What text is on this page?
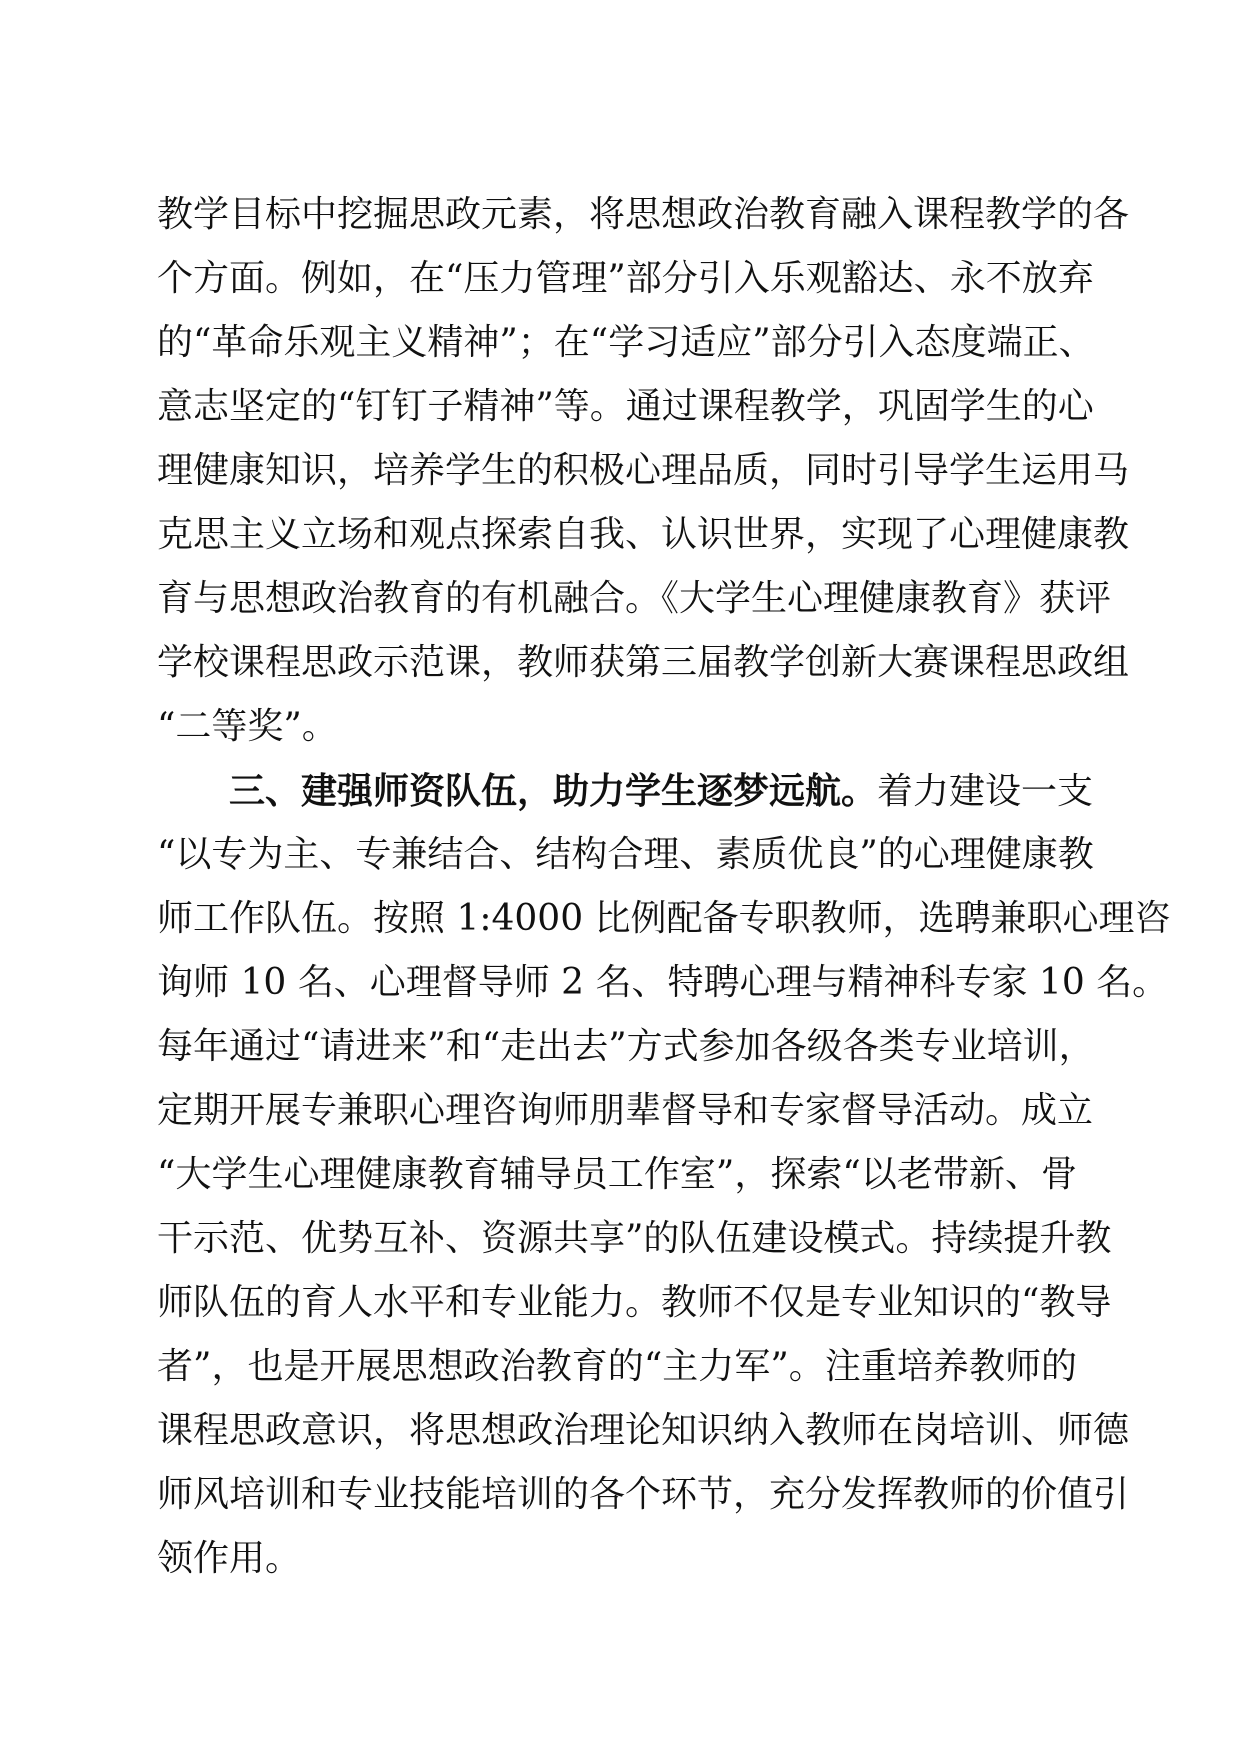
教学目标中挖掘思政元素，将思想政治教育融入课程教学的各
个方面。例如，在“压力管理”部分引入乐观豁达、永不放弃
的“革命乐观主义精神”；在“学习适应”部分引入态度端正、
意志坚定的“钉钉子精神”等。通过课程教学，巩固学生的心
理健康知识，培养学生的积极心理品质，同时引导学生运用马
克思主义立场和观点探索自我、认识世界，实现了心理健康教
育与思想政治教育的有机融合。《大学生心理健康教育》获评
学校课程思政示范课，教师获第三届教学创新大赛课程思政组
“二等奖”。
三、建强师资队伍，助力学生逐梦远航。着力建设一支
“以专为主、专兼结合、结构合理、素质优良”的心理健康教
师工作队伍。按照 1:4000 比例配备专职教师，选聘兼职心理咨
询师 10 名、心理督导师 2 名、特聘心理与精神科专家 10 名。
每年通过“请进来”和“走出去”方式参加各级各类专业培训，
定期开展专兼职心理咨询师朋辈督导和专家督导活动。成立
“大学生心理健康教育辅导员工作室”，探索“以老带新、骨
干示范、优势互补、资源共享”的队伍建设模式。持续提升教
师队伍的育人水平和专业能力。教师不仅是专业知识的“教导
者”，也是开展思想政治教育的“主力军”。注重培养教师的
课程思政意识，将思想政治理论知识纳入教师在岗培训、师德
师风培训和专业技能培训的各个环节，充分发挥教师的价值引
领作用。
